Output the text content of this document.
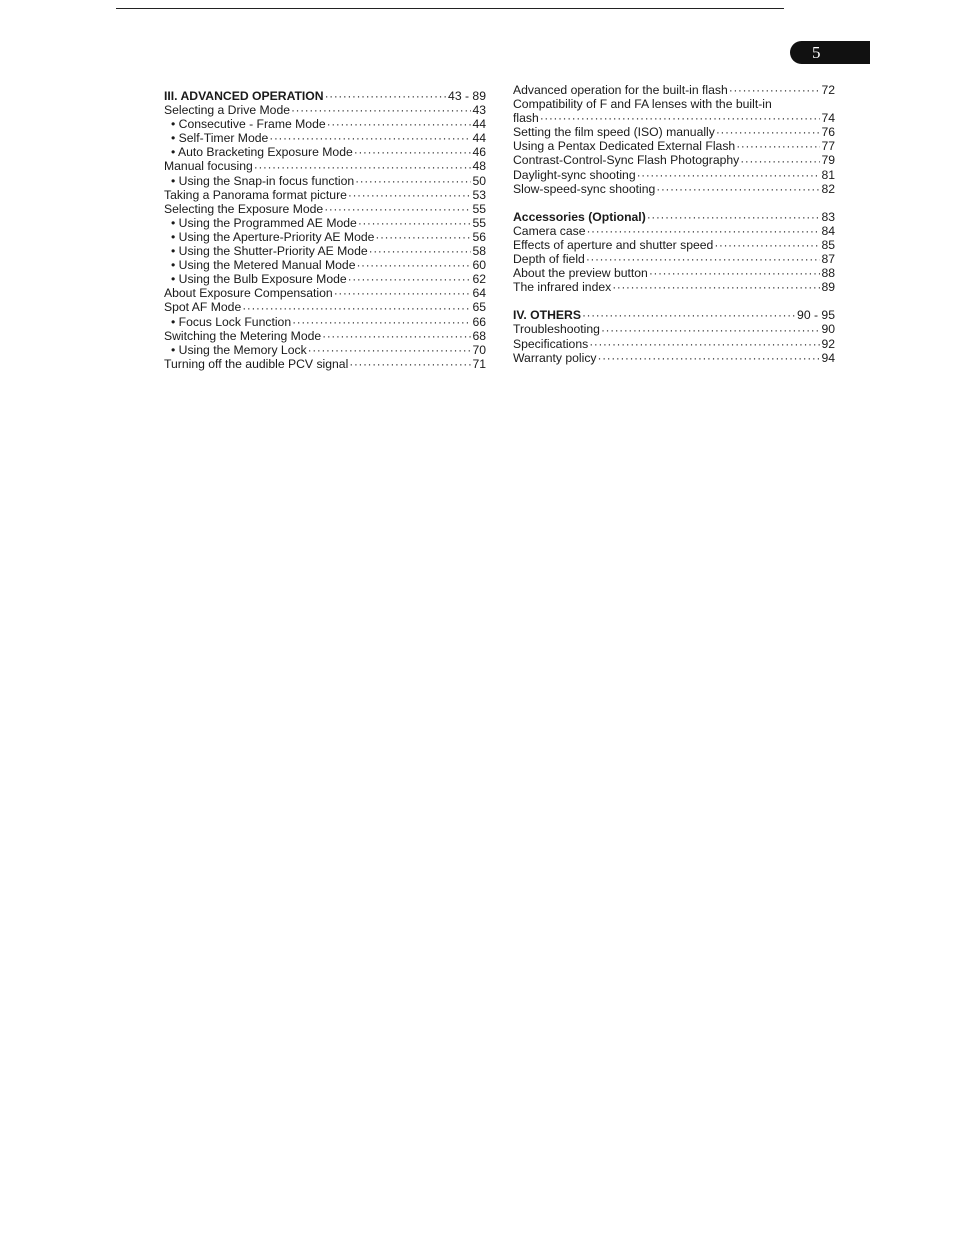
5
III. ADVANCED OPERATION ·····	43 - 89
Selecting a Drive Mode ·····	43
• Consecutive - Frame Mode ·····	44
• Self-Timer Mode ·····	44
• Auto Bracketing Exposure Mode ·····	46
Manual focusing ·····	48
• Using the Snap-in focus function ·····	50
Taking a Panorama format picture ·····	53
Selecting the Exposure Mode ·····	55
• Using the Programmed AE Mode ·····	55
• Using the Aperture-Priority AE Mode ·····	56
• Using the Shutter-Priority AE Mode ·····	58
• Using the Metered Manual Mode ·····	60
• Using the Bulb Exposure Mode ·····	62
About Exposure Compensation ·····	64
Spot AF Mode ·····	65
• Focus Lock Function ·····	66
Switching the Metering Mode ·····	68
• Using the Memory Lock ·····	70
Turning off the audible PCV signal ·····	71
Advanced operation for the built-in flash ·····	72
Compatibility of F and FA lenses with the built-in
flash ·····	74
Setting the film speed (ISO) manually ·····	76
Using a Pentax Dedicated External Flash ·····	77
Contrast-Control-Sync Flash Photography ·····	79
Daylight-sync shooting ·····	81
Slow-speed-sync shooting ·····	82
Accessories (Optional) ·····	83
Camera case ·····	84
Effects of aperture and shutter speed ·····	85
Depth of field ·····	87
About the preview button ·····	88
The infrared index ·····	89
IV. OTHERS ·····	90 - 95
Troubleshooting ·····	90
Specifications ·····	92
Warranty policy ·····	94
